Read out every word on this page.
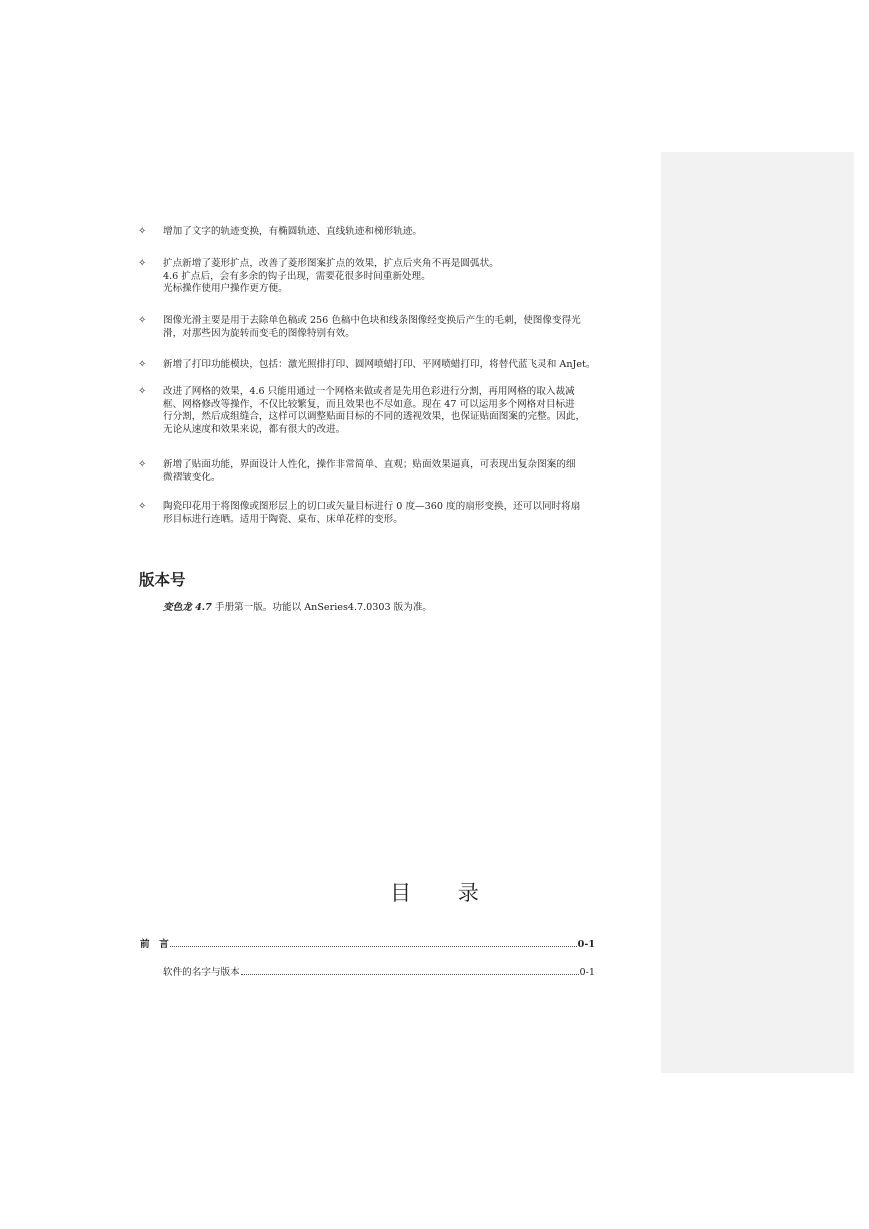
✧ 增加了文字的轨迹变换，有椭圆轨迹、直线轨迹和梯形轨迹。
✧ 扩点新增了菱形扩点，改善了菱形图案扩点的效果，扩点后夹角不再是圆弧状。
4.6 扩点后，会有多余的钩子出现，需要花很多时间重新处理。
光标操作使用户操作更方便。
✧ 图像光滑主要是用于去除单色稿或 256 色稿中色块和线条图像经变换后产生的毛刺，使图像变得光
滑，对那些因为旋转而变毛的图像特别有效。
✧ 新增了打印功能模块，包括：激光照排打印、圆网喷蜡打印、平网喷蜡打印，将替代蓝飞灵和 AnJet。
✧ 改进了网格的效果，4.6 只能用通过一个网格来做或者是先用色彩进行分割，再用网格的取入裁减
框、网格修改等操作，不仅比较繁复，而且效果也不尽如意。现在 47 可以运用多个网格对目标进
行分割，然后成组缝合，这样可以调整贴面目标的不同的透视效果，也保证贴面图案的完整。因此，
无论从速度和效果来说，都有很大的改进。
✧ 新增了贴面功能，界面设计人性化，操作非常简单、直观；贴面效果逼真，可表现出复杂图案的细
微褶皱变化。
✧ 陶瓷印花用于将图像或图形层上的切口或矢量目标进行 0 度—360 度的扇形变换，还可以同时将扇
形目标进行连晒。适用于陶瓷、桌布、床单花样的变形。
版本号
变色龙 4.7 手册第一版。功能以 AnSeries4.7.0303 版为准。
目 录
前　言	0-1
软件的名字与版本	0-1
